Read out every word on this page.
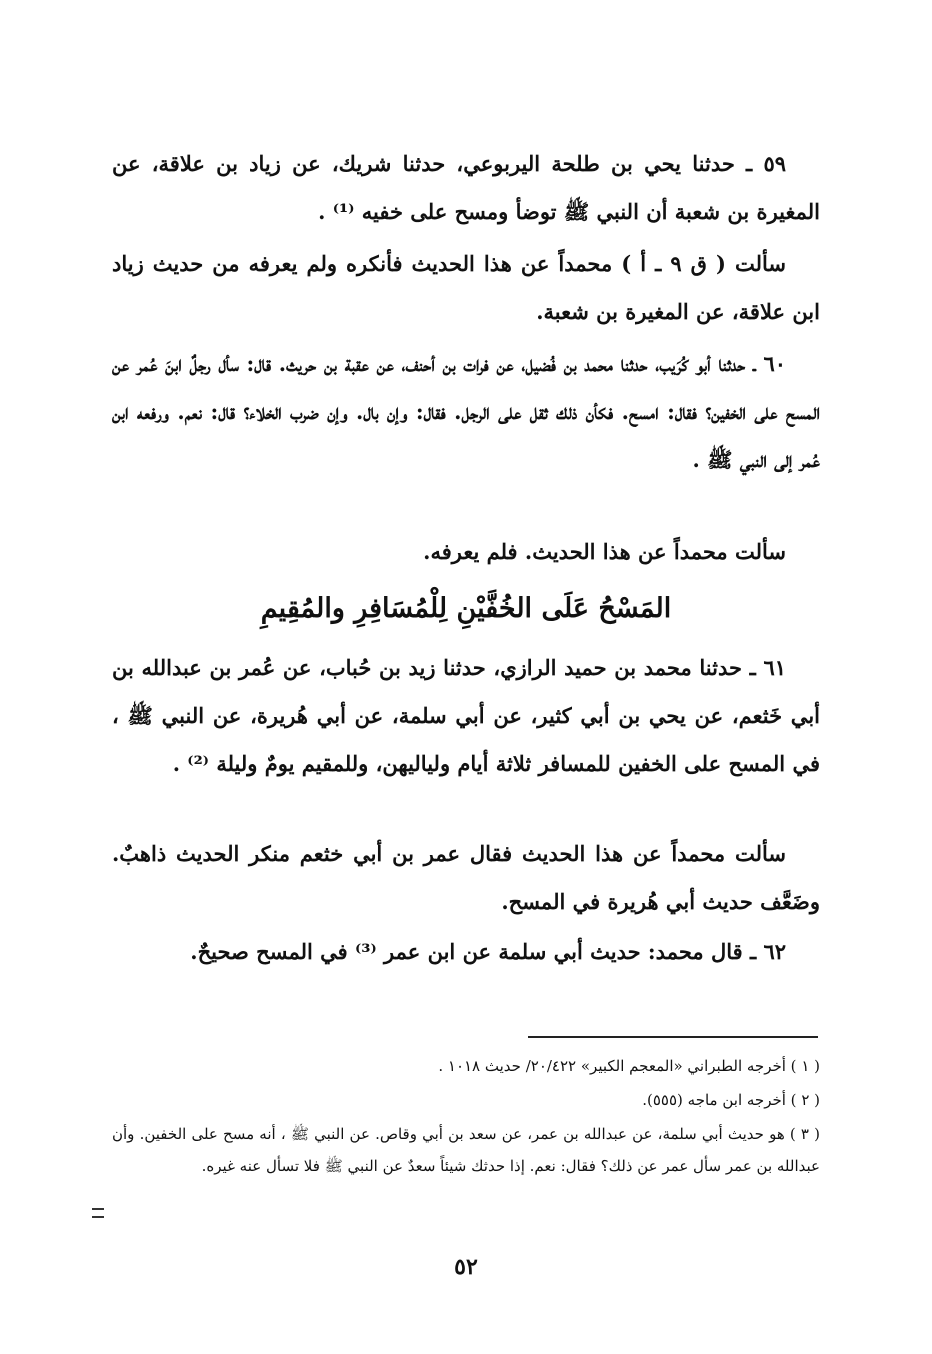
٥٩ ـ حدثنا يحي بن طلحة اليربوعي، حدثنا شريك، عن زياد بن علاقة، عن المغيرة بن شعبة أن النبي ﷺ توضأ ومسح على خفيه ⁽¹⁾ .

سألت ( ق ٩ ـ أ ) محمداً عن هذا الحديث فأنكره ولم يعرفه من حديث زياد ابن علاقة، عن المغيرة بن شعبة.

٦٠ ـ حدثنا أبو كُرَيب، حدثنا محمد بن فُضيل، عن فرات بن أحنف، عن عقبة بن حريث. قال: سأل رجلٌ ابنَ عُمر عن المسح على الخفين؟ فقال: امسح. فكأن ذلك ثقل على الرجل. فقال: وإن بال. وإن ضرب الخلاء؟ قال: نعم. ورفعه ابن عُمر إلى النبي ﷺ .

سألت محمداً عن هذا الحديث. فلم يعرفه.

المَسْحُ عَلَى الخُفَّيْنِ لِلْمُسَافِرِ والمُقِيمِ

٦١ ـ حدثنا محمد بن حميد الرازي، حدثنا زيد بن حُباب، عن عُمر بن عبدالله بن أبي خَثعم، عن يحي بن أبي كثير، عن أبي سلمة، عن أبي هُريرة، عن النبي ﷺ ، في المسح على الخفين للمسافر ثلاثة أيام ولياليهن، وللمقيم يومٌ وليلة ⁽²⁾ .

سألت محمداً عن هذا الحديث فقال عمر بن أبي خثعم منكر الحديث ذاهبٌ. وضَعَّف حديث أبي هُريرة في المسح.

٦٢ ـ قال محمد: حديث أبي سلمة عن ابن عمر ⁽³⁾ في المسح صحيحٌ.

( ١ ) أخرجه الطبراني «المعجم الكبير» ٢٠/٤٢٢/ حديث ١٠١٨ .

( ٢ ) أخرجه ابن ماجه (٥٥٥).

( ٣ ) هو حديث أبي سلمة، عن عبدالله بن عمر، عن سعد بن أبي وقاص. عن النبي ﷺ ، أنه مسح على الخفين. وأن عبدالله بن عمر سأل عمر عن ذلك؟ فقال: نعم. إذا حدثك شيئاً سعدٌ عن النبي ﷺ فلا تسأل عنه غيره.

٥٢
